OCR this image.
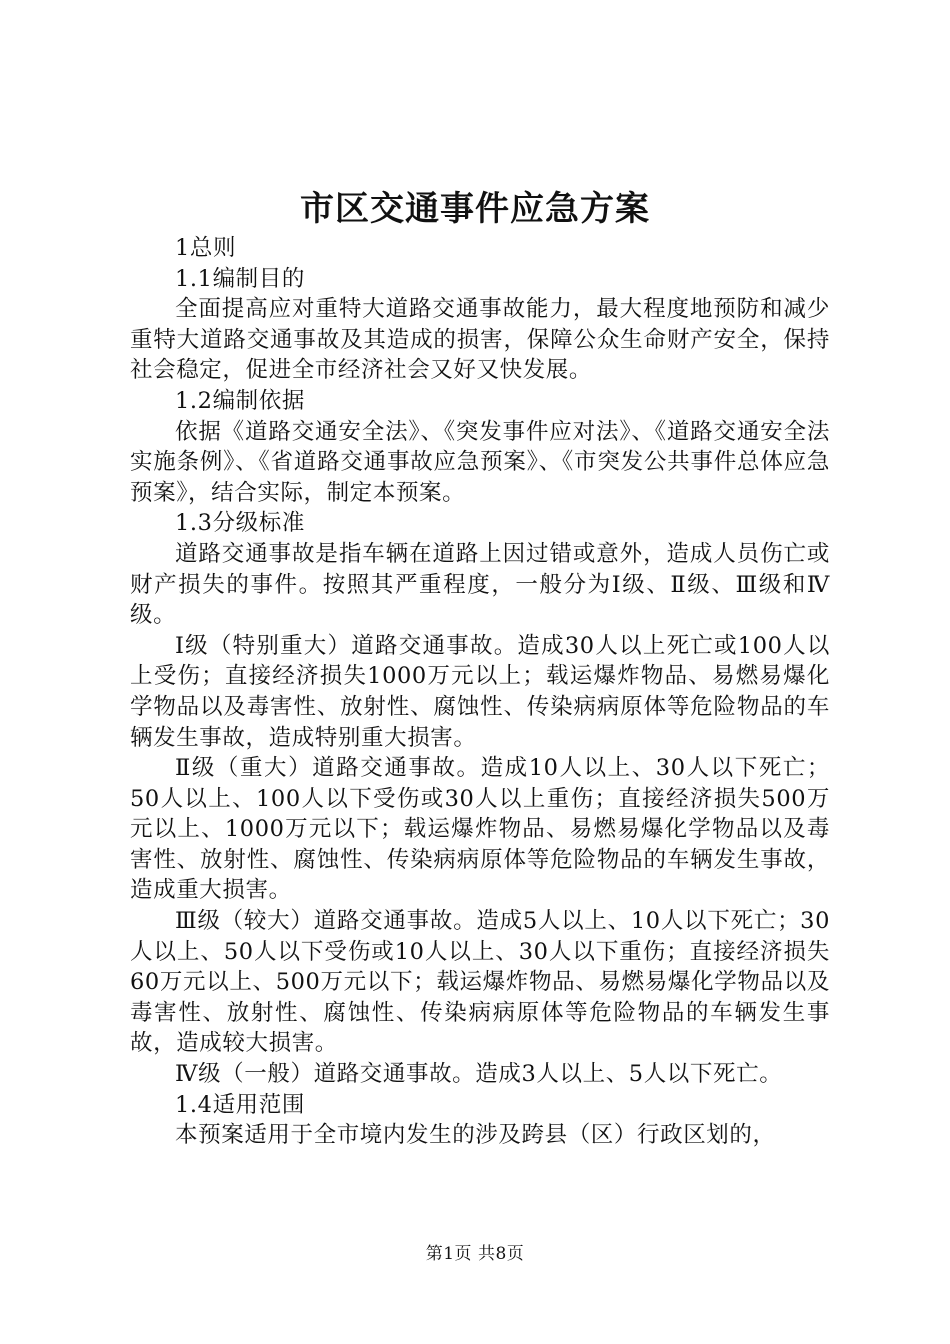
市区交通事件应急方案

1总则

1.1编制目的

全面提高应对重特大道路交通事故能力，最大程度地预防和减少重特大道路交通事故及其造成的损害，保障公众生命财产安全，保持社会稳定，促进全市经济社会又好又快发展。

1.2编制依据

依据《道路交通安全法》、《突发事件应对法》、《道路交通安全法实施条例》、《省道路交通事故应急预案》、《市突发公共事件总体应急预案》，结合实际，制定本预案。

1.3分级标准

道路交通事故是指车辆在道路上因过错或意外，造成人员伤亡或财产损失的事件。按照其严重程度，一般分为Ⅰ级、Ⅱ级、Ⅲ级和Ⅳ级。

Ⅰ级（特别重大）道路交通事故。造成30人以上死亡或100人以上受伤；直接经济损失1000万元以上；载运爆炸物品、易燃易爆化学物品以及毒害性、放射性、腐蚀性、传染病病原体等危险物品的车辆发生事故，造成特别重大损害。

Ⅱ级（重大）道路交通事故。造成10人以上、30人以下死亡；50人以上、100人以下受伤或30人以上重伤；直接经济损失500万元以上、1000万元以下；载运爆炸物品、易燃易爆化学物品以及毒害性、放射性、腐蚀性、传染病病原体等危险物品的车辆发生事故，造成重大损害。

Ⅲ级（较大）道路交通事故。造成5人以上、10人以下死亡；30人以上、50人以下受伤或10人以上、30人以下重伤；直接经济损失60万元以上、500万元以下；载运爆炸物品、易燃易爆化学物品以及毒害性、放射性、腐蚀性、传染病病原体等危险物品的车辆发生事故，造成较大损害。

Ⅳ级（一般）道路交通事故。造成3人以上、5人以下死亡。

1.4适用范围

本预案适用于全市境内发生的涉及跨县（区）行政区划的，

第1页 共8页
